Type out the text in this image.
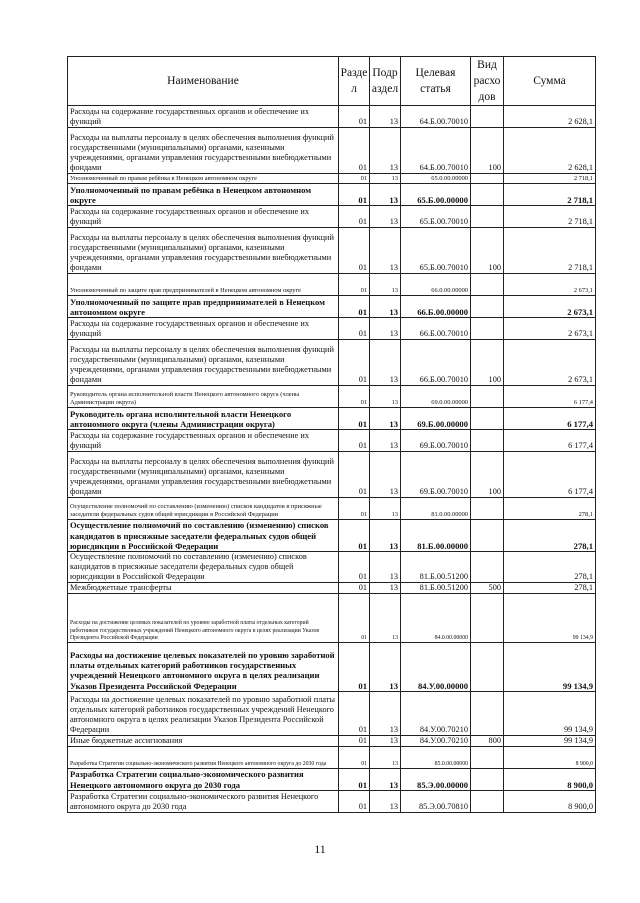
Наименование	Разде л	Подр аздел	Целевая статья	Вид расхо дов	Сумма
Расходы на содержание государственных органов и обеспечение их функций	01	13	64.Б.00.70010		2 628,1
Расходы на выплаты персоналу в целях обеспечения выполнения функций государственными (муниципальными) органами, казенными учреждениями, органами управления государственными внебюджетными фондами	01	13	64.Б.00.70010	100	2 628,1
Уполномоченный по правам ребёнка в Ненецком автономном округе	01	13	65.0.00.00000		2 718,1
Уполномоченный по правам ребёнка в Ненецком автономном округе	01	13	65.Б.00.00000		2 718,1
Расходы на содержание государственных органов и обеспечение их функций	01	13	65.Б.00.70010		2 718,1
Расходы на выплаты персоналу в целях обеспечения выполнения функций государственными (муниципальными) органами, казенными учреждениями, органами управления государственными внебюджетными фондами	01	13	65.Б.00.70010	100	2 718,1
Уполномоченный по защите прав предпринимателей в Ненецком автономном округе	01	13	66.0.00.00000		2 673,1
Уполномоченный по защите прав предпринимателей в Ненецком автономном округе	01	13	66.Б.00.00000		2 673,1
Расходы на содержание государственных органов и обеспечение их функций	01	13	66.Б.00.70010		2 673,1
Расходы на выплаты персоналу в целях обеспечения выполнения функций государственными (муниципальными) органами, казенными учреждениями, органами управления государственными внебюджетными фондами	01	13	66.Б.00.70010	100	2 673,1
Руководитель органа исполнительной власти Ненецкого автономного округа (члены Администрации округа)	01	13	69.0.00.00000		6 177,4
Руководитель органа исполнительной власти Ненецкого автономного округа (члены Администрации округа)	01	13	69.Б.00.00000		6 177,4
Расходы на содержание государственных органов и обеспечение их функций	01	13	69.Б.00.70010		6 177,4
Расходы на выплаты персоналу в целях обеспечения выполнения функций государственными (муниципальными) органами, казенными учреждениями, органами управления государственными внебюджетными фондами	01	13	69.Б.00.70010	100	6 177,4
Осуществление полномочий по составлению (изменению) списков кандидатов в присяжные заседатели федеральных судов общей юрисдикции в Российской Федерации	01	13	81.0.00.00000		278,1
Осуществление полномочий по составлению (изменению) списков кандидатов в присяжные заседатели федеральных судов общей юрисдикции в Российской Федерации	01	13	81.Б.00.00000		278,1
Осуществление полномочий по составлению (изменению) списков кандидатов в присяжные заседатели федеральных судов общей юрисдикции в Российской Федерации	01	13	81.Б.00.51200		278,1
Межбюджетные трансферты	01	13	81.Б.00.51200	500	278,1
Расходы на достижение целевых показателей по уровню заработной платы отдельных категорий работников государственных учреждений Ненецкого автономного округа в целях реализации Указов Президента Российской Федерации	01	13	84.0.00.00000		99 134,9
Расходы на достижение целевых показателей по уровню заработной платы отдельных категорий работников государственных учреждений Ненецкого автономного округа в целях реализации Указов Президента Российской Федерации	01	13	84.У.00.00000		99 134,9
Расходы на достижение целевых показателей по уровню заработной платы отдельных категорий работников государственных учреждений Ненецкого автономного округа в целях реализации Указов Президента Российской Федерации	01	13	84.У.00.70210		99 134,9
Иные бюджетные ассигнования	01	13	84.У.00.70210	800	99 134,9
Разработка Стратегии социально-экономического развития Ненецкого автономного округа до 2030 года	01	13	85.0.00.00000		8 900,0
Разработка Стратегии социально-экономического развития Ненецкого автономного округа до 2030 года	01	13	85.Э.00.00000		8 900,0
Разработка Стратегии социально-экономического развития Ненецкого автономного округа до 2030 года	01	13	85.Э.00.70810		8 900,0
11
